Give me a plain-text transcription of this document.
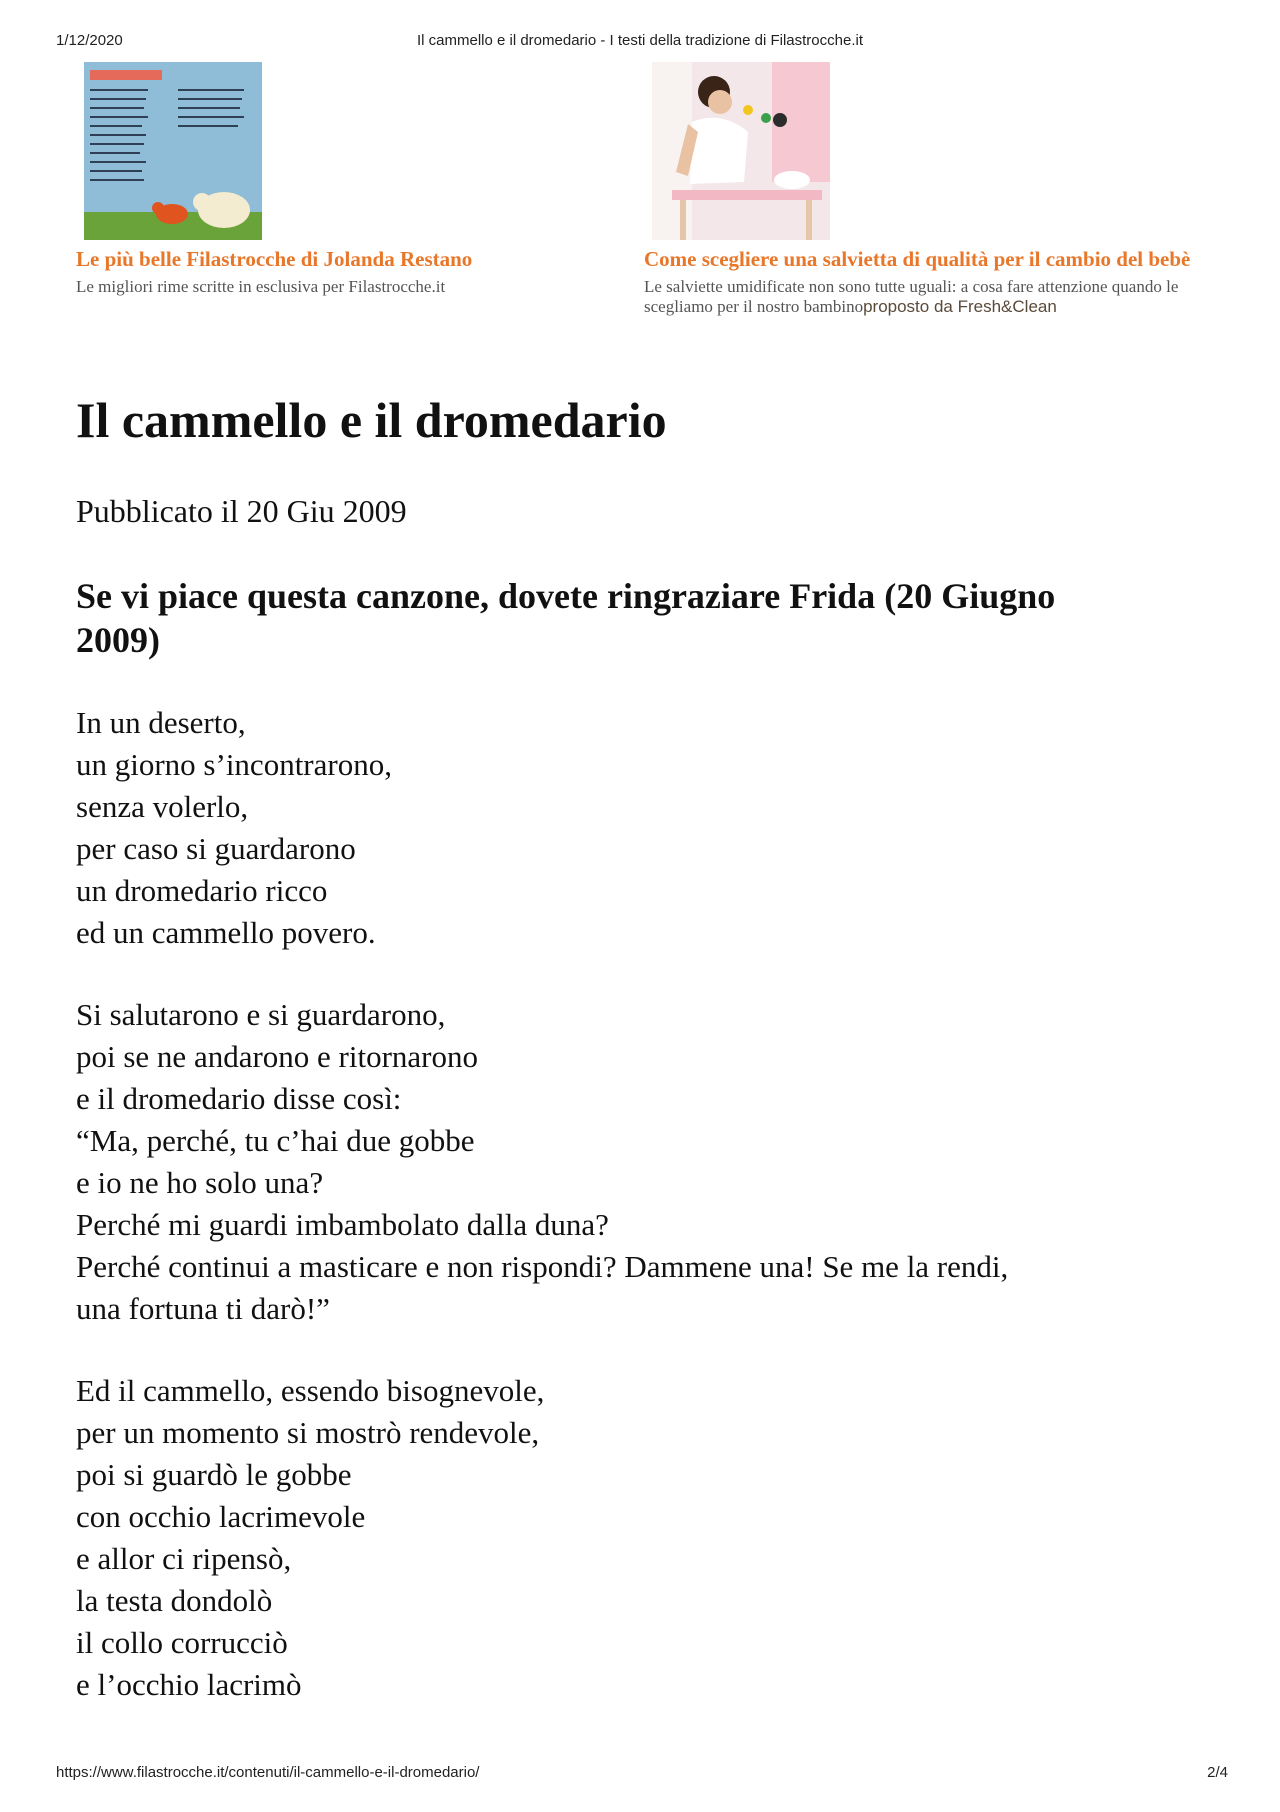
1/12/2020	Il cammello e il dromedario - I testi della tradizione di Filastrocche.it
Le più belle Filastrocche di Jolanda Restano
Le migliori rime scritte in esclusiva per Filastrocche.it
Come scegliere una salvietta di qualità per il cambio del bebè
Le salviette umidificate non sono tutte uguali: a cosa fare attenzione quando le scegliamo per il nostro bambinoproposto da Fresh&Clean
Il cammello e il dromedario
Pubblicato il 20 Giu 2009
Se vi piace questa canzone, dovete ringraziare Frida (20 Giugno 2009)
In un deserto,
un giorno s’incontrarono,
senza volerlo,
per caso si guardarono
un dromedario ricco
ed un cammello povero.
Si salutarono e si guardarono,
poi se ne andarono e ritornarono
e il dromedario disse così:
“Ma, perché, tu c’hai due gobbe
e io ne ho solo una?
Perché mi guardi imbambolato dalla duna?
Perché continui a masticare e non rispondi? Dammene una! Se me la rendi,
una fortuna ti darò!”
Ed il cammello, essendo bisognevole,
per un momento si mostrò rendevole,
poi si guardò le gobbe
con occhio lacrimevole
e allor ci ripensò,
la testa dondolò
il collo corrucciò
e l’occhio lacrimò
https://www.filastrocche.it/contenuti/il-cammello-e-il-dromedario/	2/4
